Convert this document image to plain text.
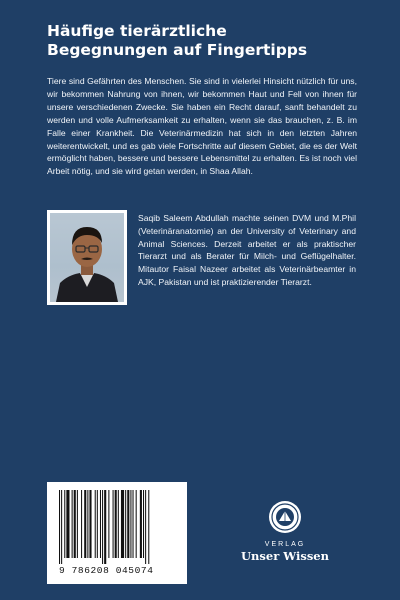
Häufige tierärztliche
Begegnungen auf Fingertipps
Tiere sind Gefährten des Menschen. Sie sind in vielerlei Hinsicht nützlich für uns, wir bekommen Nahrung von ihnen, wir bekommen Haut und Fell von ihnen für unsere verschiedenen Zwecke. Sie haben ein Recht darauf, sanft behandelt zu werden und volle Aufmerksamkeit zu erhalten, wenn sie das brauchen, z. B. im Falle einer Krankheit. Die Veterinärmedizin hat sich in den letzten Jahren weiterentwickelt, und es gab viele Fortschritte auf diesem Gebiet, die es der Welt ermöglicht haben, bessere und bessere Lebensmittel zu erhalten. Es ist noch viel Arbeit nötig, und sie wird getan werden, in Shaa Allah.
Saqib Saleem Abdullah machte seinen DVM und M.Phil (Veterinäranatomie) an der University of Veterinary and Animal Sciences. Derzeit arbeitet er als praktischer Tierarzt und als Berater für Milch- und Geflügelhalter. Mitautor Faisal Nazeer arbeitet als Veterinärbeamter in AJK, Pakistan und ist praktizierender Tierarzt.
9 786208 045074
VERLAG
Unser Wissen
